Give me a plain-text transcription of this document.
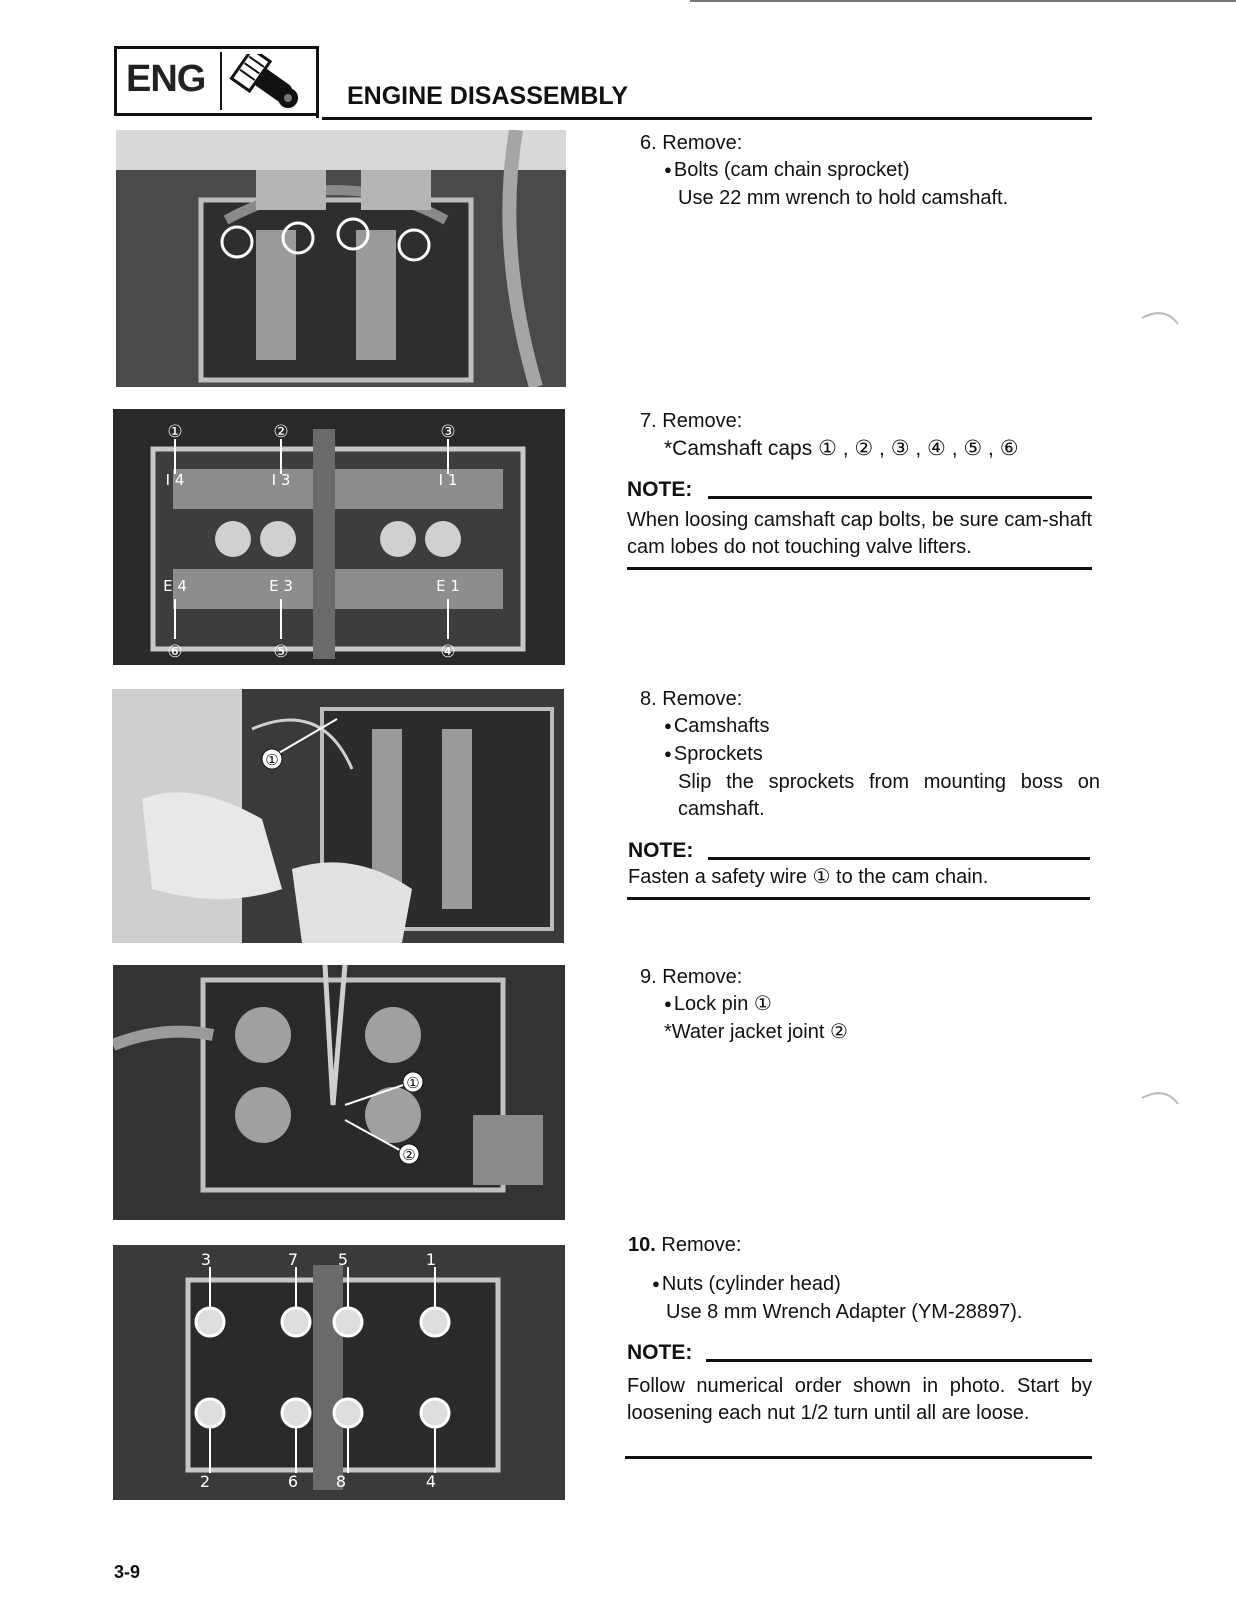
ENG	ENGINE DISASSEMBLY
①	②	③
④
⑤
⑥
I 4	I 3	I 1
E 4	E 3	E 1
①
①
②
3	7 5	1
2	6 8	4
6. Remove:
● Bolts (cam chain sprocket)
Use 22 mm wrench to hold camshaft.
7. Remove:
*Camshaft caps ① , ② , ③ , ④ , ⑤ , ⑥
NOTE:
When loosing camshaft cap bolts, be sure cam-shaft cam lobes do not touching valve lifters.
8. Remove:
● Camshafts
● Sprockets
Slip the sprockets from mounting boss on camshaft.
NOTE:
Fasten a safety wire ① to the cam chain.
9. Remove:
● Lock pin ①
*Water jacket joint ②
10. Remove:
● Nuts (cylinder head)
Use 8 mm Wrench Adapter (YM-28897).
NOTE:
Follow numerical order shown in photo. Start by loosening each nut 1/2 turn until all are loose.
3-9
